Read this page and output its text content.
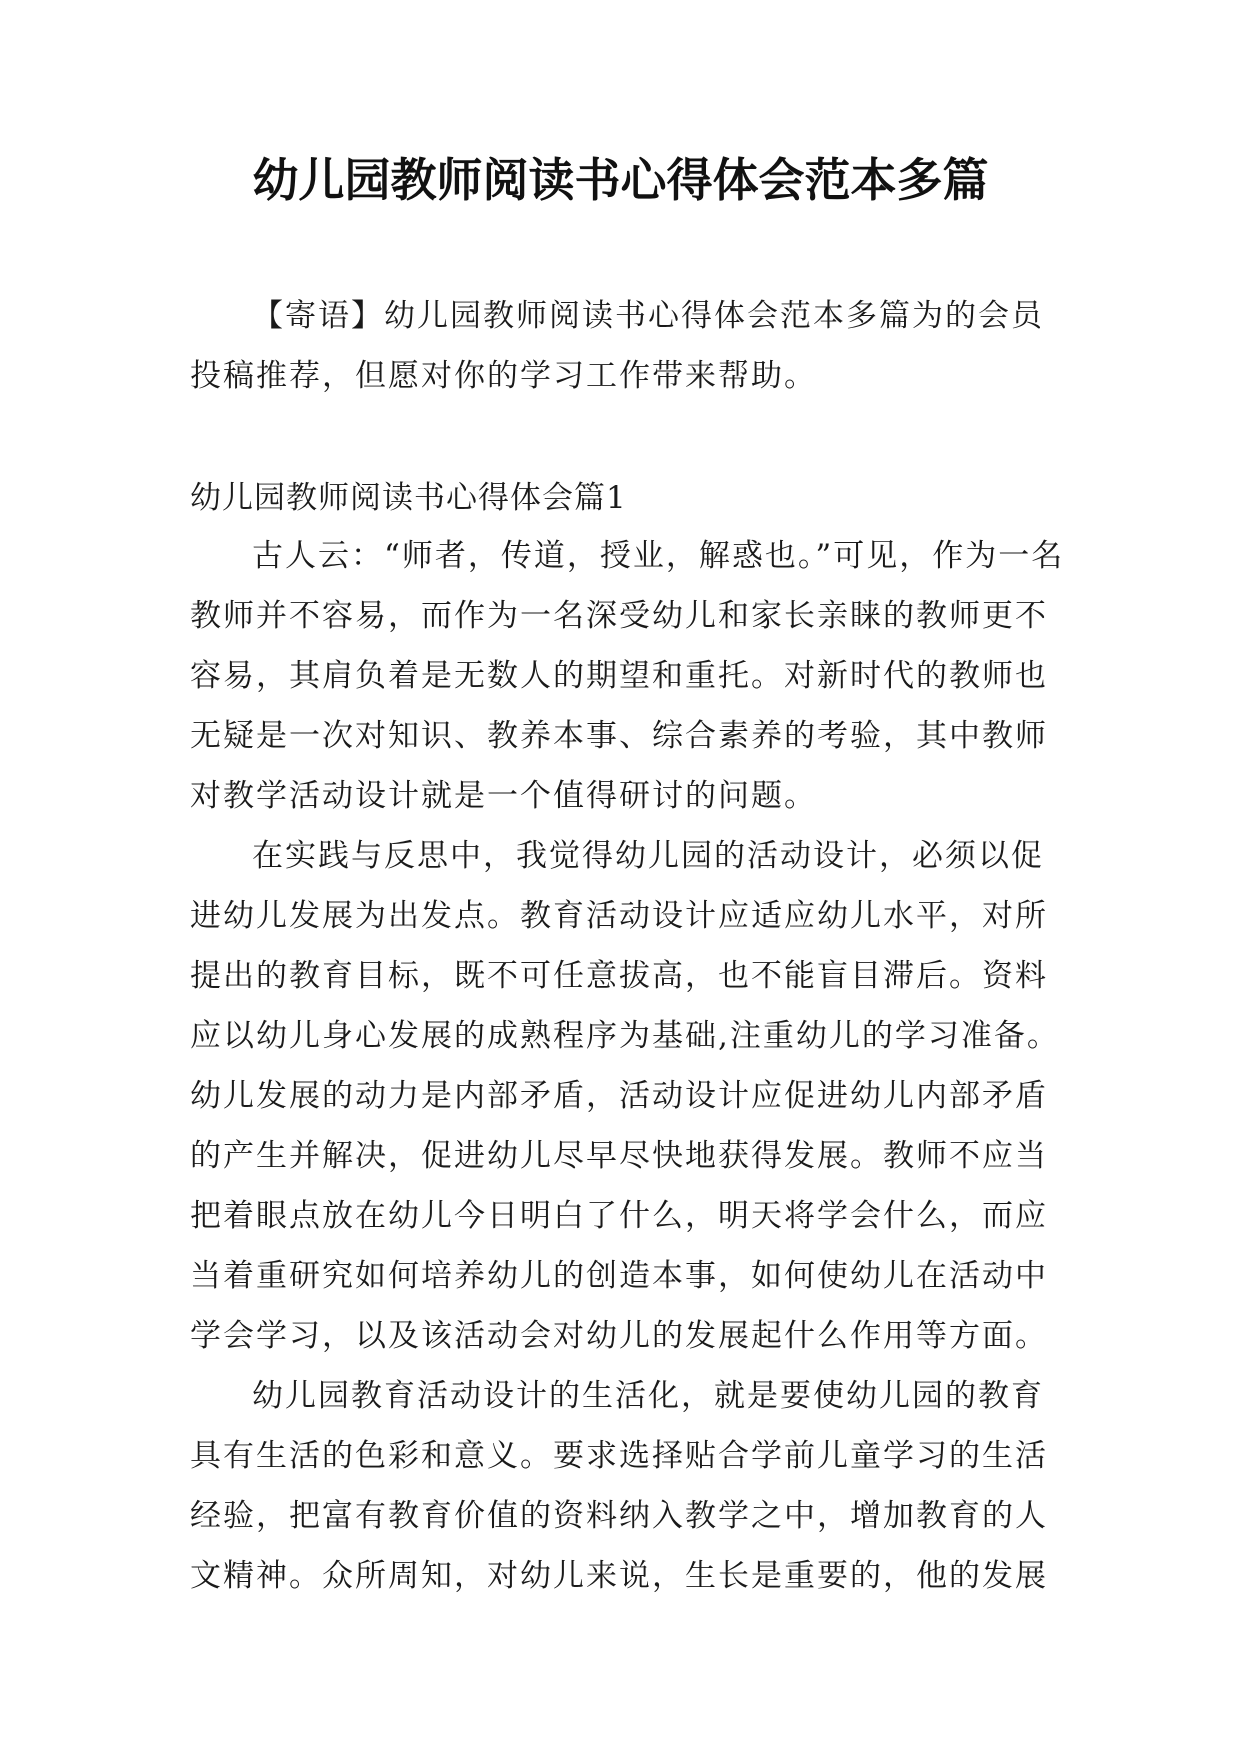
幼儿园教师阅读书心得体会范本多篇

【寄语】幼儿园教师阅读书心得体会范本多篇为的会员投稿推荐，但愿对你的学习工作带来帮助。

幼儿园教师阅读书心得体会篇1

古人云：“师者，传道，授业，解惑也。”可见，作为一名教师并不容易，而作为一名深受幼儿和家长亲睐的教师更不容易，其肩负着是无数人的期望和重托。对新时代的教师也无疑是一次对知识、教养本事、综合素养的考验，其中教师对教学活动设计就是一个值得研讨的问题。

在实践与反思中，我觉得幼儿园的活动设计，必须以促进幼儿发展为出发点。教育活动设计应适应幼儿水平，对所提出的教育目标，既不可任意拔高，也不能盲目滞后。资料应以幼儿身心发展的成熟程序为基础,注重幼儿的学习准备。幼儿发展的动力是内部矛盾，活动设计应促进幼儿内部矛盾的产生并解决，促进幼儿尽早尽快地获得发展。教师不应当把着眼点放在幼儿今日明白了什么，明天将学会什么，而应当着重研究如何培养幼儿的创造本事，如何使幼儿在活动中学会学习，以及该活动会对幼儿的发展起什么作用等方面。

幼儿园教育活动设计的生活化，就是要使幼儿园的教育具有生活的色彩和意义。要求选择贴合学前儿童学习的生活经验，把富有教育价值的资料纳入教学之中，增加教育的人文精神。众所周知，对幼儿来说，生长是重要的，他的发展
